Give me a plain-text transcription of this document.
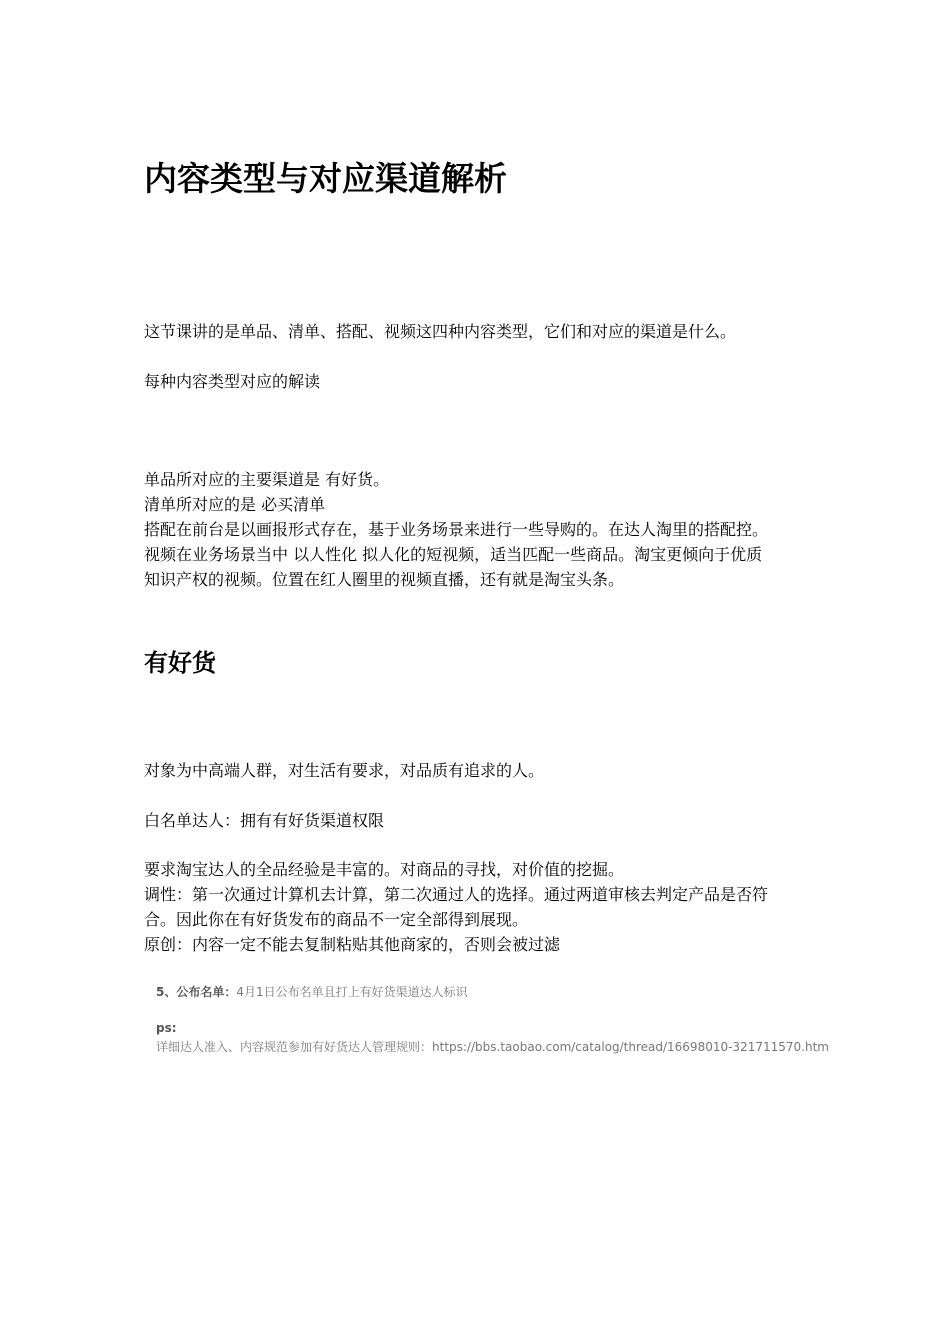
内容类型与对应渠道解析
这节课讲的是单品、清单、搭配、视频这四种内容类型，它们和对应的渠道是什么。
每种内容类型对应的解读
单品所对应的主要渠道是 有好货。
清单所对应的是 必买清单
搭配在前台是以画报形式存在，基于业务场景来进行一些导购的。在达人淘里的搭配控。
视频在业务场景当中 以人性化 拟人化的短视频，适当匹配一些商品。淘宝更倾向于优质
知识产权的视频。位置在红人圈里的视频直播，还有就是淘宝头条。
有好货
对象为中高端人群，对生活有要求，对品质有追求的人。
白名单达人：拥有有好货渠道权限
要求淘宝达人的全品经验是丰富的。对商品的寻找，对价值的挖掘。
调性：第一次通过计算机去计算，第二次通过人的选择。通过两道审核去判定产品是否符
合。因此你在有好货发布的商品不一定全部得到展现。
原创：内容一定不能去复制粘贴其他商家的，否则会被过滤
5、公布名单：4月1日公布名单且打上有好货渠道达人标识
ps:
详细达人准入、内容规范参加有好货达人管理规则：https://bbs.taobao.com/catalog/thread/16698010-321711570.htm
